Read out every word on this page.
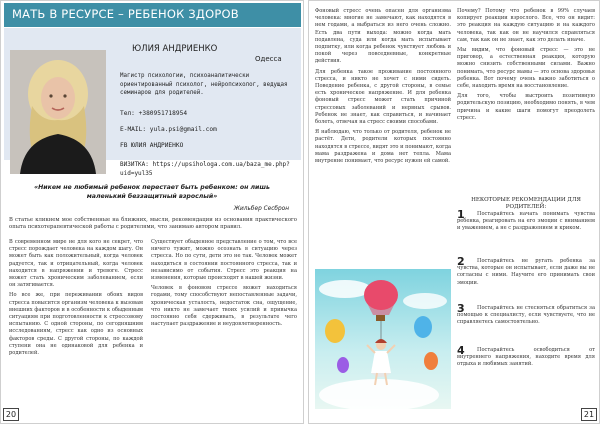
МАТЬ В РЕСУРСЕ – РЕБЕНОК ЗДОРОВ
ЮЛИЯ АНДРИЕНКО
Одесса
Магистр психологии, психоаналитически ориентированный психолог, нейропсихолог, ведущая семинаров для родителей.
Тел: +380951718954
E-MAIL: yula.psi@gmail.com
FB ЮЛИЯ АНДРИЕНКО
ВИЗИТКА: https://upsihologa.com.ua/baza_me.php?uid=yul35
«Никем не любимый ребенок перестает быть ребенком: он лишь маленький беззащитный взрослый»
Жильбер Сесброн
В статье кликнем мое собственные на ближних, мысли, рекомендации из основания практического опыта психотерапевтической работы с родителями, что занимаю автором правил.

В современном мире не для кого не секрет, что стресс порождает человека на каждом шагу. Он может быть как положительный, когда человек радуется, так и отрицательный, когда человек находится в напряжении и тревоге. Стресс может стать хроническим заболеванием, если он затягивается.

Но все же, при переживании обоих видов стресса повысится организм человека к вызовам внешних факторов и в особенности к обыденным ситуациям при подготовленности к стрессовому испытанию. С одной стороны, по сегодняшним исследованиям, стресс как одно из основных факторов среды. С другой стороны, по каждой ступени она не одинаковой для ребенка и родителей.

Существует обыденное представление о том, что все ничего тужит, можно осознать в ситуацию через стресса. Но по сути, дети это не так. Человек может находиться в состоянии постоянного стресса, так и независимо от события. Стресс это реакция на изменения, которые происходят в нашей жизни.

Человек в фоновом стрессе может находиться годами, тому способствуют непоставленные задачи, хроническая усталость, недостаток сна, ощущение, что никто не замечает твоих усилий и привычка постоянно себя сдерживать, в результате чего наступает раздражение и неудовлетворенность.

20

Фоновый стресс очень опасен для организма человека: многие не замечают, как находятся в нем годами, а выбраться из него очень сложно. Есть два пути выхода: можно когда мать подавлена, суда или когда мать испытывает подпитку, или когда ребенок чувствует любовь и покой через повседневные, конкретные действия.

Для ребенка такое проживание постоянного стресса, и никто не хочет с ними сидеть. Поведение ребенка, с другой стороны, в семье есть хроническое напряжение. И для ребенка фоновый стресс может стать причиной стрессовых заболеваний и нервных срывов. Ребенок не знает, как справиться, и начинает болеть, отвечая на стресс своими способами.

Я наблюдаю, что только от родителя, ребенок не растёт. Дети, родители которых постоянно находятся в стрессе, видят это и понимают, когда мама раздражена и дома нет тепла. Мама внутренне понимает, что ресурс нужен ей самой.

Почему? Потому что ребенок в 99% случаев копирует реакции взрослого. Все, что он видит: это реакция на каждую ситуацию и на каждого человека, так как он не научился справляться сам, так как он не знает, как это делать иначе.

Мы видим, что фоновый стресс — это не приговор, а естественная реакция, которую можно снизить собственными силами. Важно понимать, что ресурс мамы — это основа здоровья ребенка. Вот почему очень важно заботиться о себе, находить время на восстановление.

Для того, чтобы выстроить позитивную родительскую позицию, необходимо понять, в чем причина и какие шаги помогут преодолеть стресс.

НЕКОТОРЫЕ РЕКОМЕНДАЦИИ ДЛЯ РОДИТЕЛЕЙ:
1	Постарайтесь начать понимать чувства ребенка, реагировать на его эмоции с вниманием и уважением, а не с раздражением и криком.
2	Постарайтесь не ругать ребенка за чувства, которые он испытывает, если даже вы не согласны с ними. Научите его принимать свои эмоции.
3	Постарайтесь не стесняться обратиться за помощью к специалисту, если чувствуете, что не справляетесь самостоятельно.
4	Постарайтесь освободиться от внутреннего напряжения, находите время для отдыха и любимых занятий.
21
